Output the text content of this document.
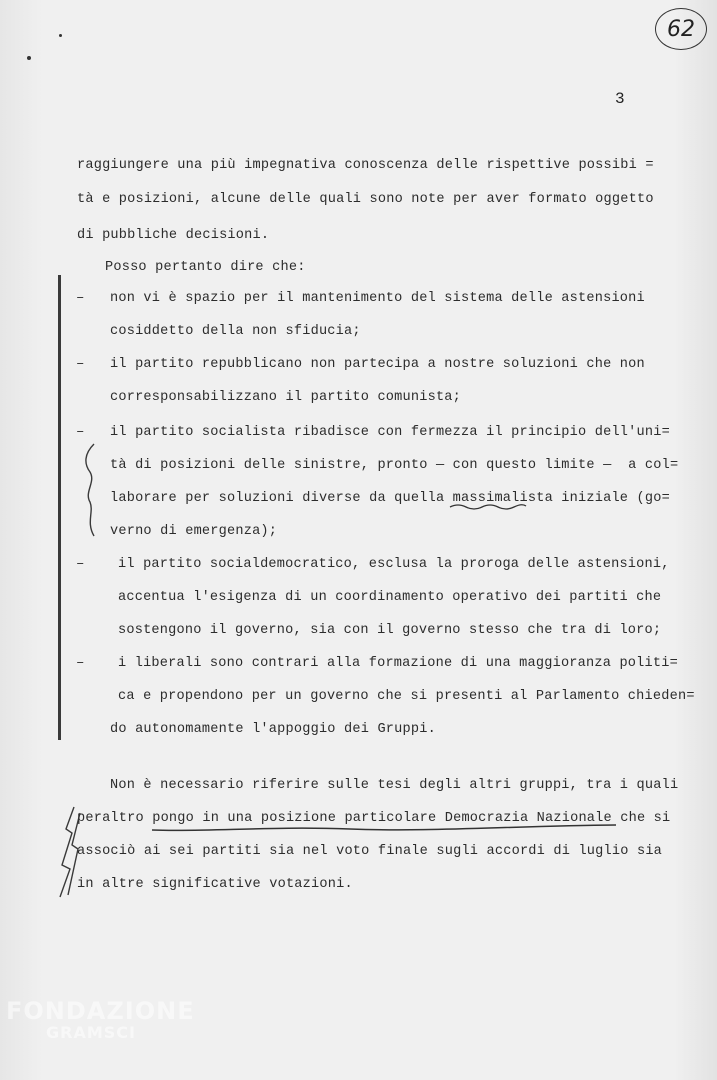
62
3
raggiungere una più impegnativa conoscenza delle rispettive possibi =
tà e posizioni, alcune delle quali sono note per aver formato oggetto
di pubbliche decisioni.
Posso pertanto dire che:
– non vi è spazio per il mantenimento del sistema delle astensioni
cosiddetto della non sfiducia;
– il partito repubblicano non partecipa a nostre soluzioni che non
corresponsabilizzano il partito comunista;
– il partito socialista ribadisce con fermezza il principio dell'uni=
tà di posizioni delle sinistre, pronto — con questo limite —  a col=
laborare per soluzioni diverse da quella massimalista iniziale (go=
verno di emergenza);
– il partito socialdemocratico, esclusa la proroga delle astensioni,
accentua l'esigenza di un coordinamento operativo dei partiti che
sostengono il governo, sia con il governo stesso che tra di loro;
– i liberali sono contrari alla formazione di una maggioranza politi=
ca e propendono per un governo che si presenti al Parlamento chieden=
do autonomamente l'appoggio dei Gruppi.
Non è necessario riferire sulle tesi degli altri gruppi, tra i quali
peraltro pongo in una posizione particolare Democrazia Nazionale che si
associò ai sei partiti sia nel voto finale sugli accordi di luglio sia
in altre significative votazioni.
FONDAZIONE
GRAMSCI
